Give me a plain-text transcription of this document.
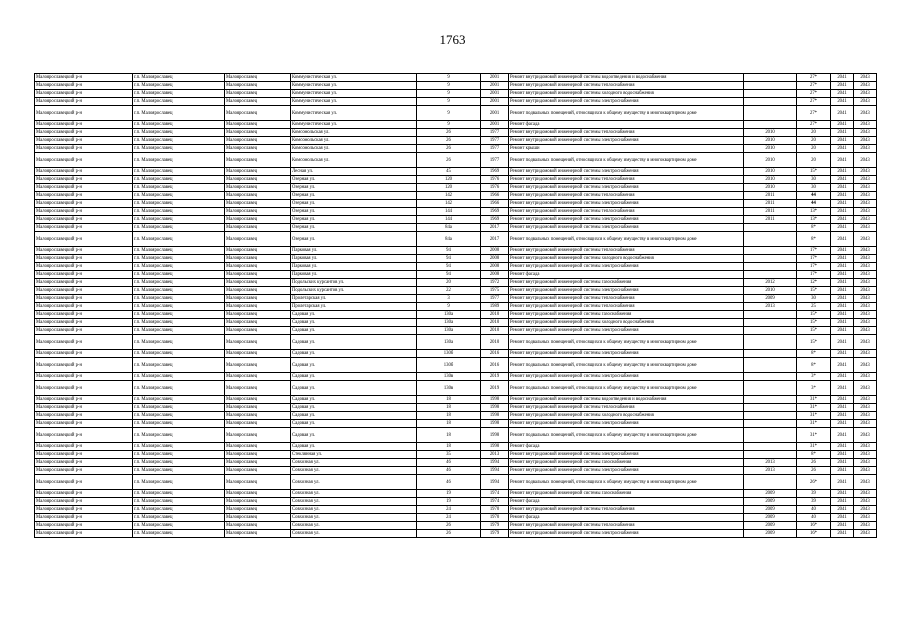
1763
Малоярославецкий р-н	г.п. Малоярославец	Малоярославец	Коммунистическая ул.	9	2001	Ремонт внутридомовой инженерной системы водоотведения и водоснабжения		27*	2041	2043
Малоярославецкий р-н	г.п. Малоярославец	Малоярославец	Коммунистическая ул.	9	2001	Ремонт внутридомовой инженерной системы теплоснабжения		27*	2041	2043
Малоярославецкий р-н	г.п. Малоярославец	Малоярославец	Коммунистическая ул.	9	2001	Ремонт внутридомовой инженерной системы холодного водоснабжения		27*	2041	2043
Малоярославецкий р-н	г.п. Малоярославец	Малоярославец	Коммунистическая ул.	9	2001	Ремонт внутридомовой инженерной системы электроснабжения		27*	2041	2043
Малоярославецкий р-н	г.п. Малоярославец	Малоярославец	Коммунистическая ул.	9	2001	Ремонт подвальных помещений, относящихся к общему имуществу в многоквартирном доме		27*	2041	2043
Малоярославецкий р-н	г.п. Малоярославец	Малоярославец	Коммунистическая ул.	9	2001	Ремонт фасада		27*	2041	2043
Малоярославецкий р-н	г.п. Малоярославец	Малоярославец	Комсомольская ул.	26	1977	Ремонт внутридомовой инженерной системы теплоснабжения	2010	20	2041	2043
Малоярославецкий р-н	г.п. Малоярославец	Малоярославец	Комсомольская ул.	26	1977	Ремонт внутридомовой инженерной системы электроснабжения	2010	20	2041	2043
Малоярославецкий р-н	г.п. Малоярославец	Малоярославец	Комсомольская ул.	26	1977	Ремонт крыши	2010	20	2041	2043
Малоярославецкий р-н	г.п. Малоярославец	Малоярославец	Комсомольская ул.	26	1977	Ремонт подвальных помещений, относящихся к общему имуществу в многоквартирном доме	2010	20	2041	2043
Малоярославецкий р-н	г.п. Малоярославец	Малоярославец	Лесная ул.	45	1969	Ремонт внутридомовой инженерной системы электроснабжения	2010	15*	2041	2043
Малоярославецкий р-н	г.п. Малоярославец	Малоярославец	Озерная ул.	120	1976	Ремонт внутридомовой инженерной системы теплоснабжения	2010	30	2041	2043
Малоярославецкий р-н	г.п. Малоярославец	Малоярославец	Озерная ул.	120	1976	Ремонт внутридомовой инженерной системы электроснабжения	2010	30	2041	2043
Малоярославецкий р-н	г.п. Малоярославец	Малоярославец	Озерная ул.	142	1966	Ремонт внутридомовой инженерной системы теплоснабжения	2011	44	2041	2043
Малоярославецкий р-н	г.п. Малоярославец	Малоярославец	Озерная ул.	142	1966	Ремонт внутридомовой инженерной системы электроснабжения	2011	44	2041	2043
Малоярославецкий р-н	г.п. Малоярославец	Малоярославец	Озерная ул.	144	1969	Ремонт внутридомовой инженерной системы теплоснабжения	2011	13*	2041	2043
Малоярославецкий р-н	г.п. Малоярославец	Малоярославец	Озерная ул.	144	1969	Ремонт внутридомовой инженерной системы электроснабжения	2011	13*	2041	2043
Малоярославецкий р-н	г.п. Малоярославец	Малоярославец	Озерная ул.	84а	2017	Ремонт внутридомовой инженерной системы электроснабжения		8*	2041	2043
Малоярославецкий р-н	г.п. Малоярославец	Малоярославец	Озерная ул.	84а	2017	Ремонт подвальных помещений, относящихся к общему имуществу в многоквартирном доме		8*	2041	2043
Малоярославецкий р-н	г.п. Малоярославец	Малоярославец	Парковая ул.	94	2008	Ремонт внутридомовой инженерной системы теплоснабжения		17*	2041	2043
Малоярославецкий р-н	г.п. Малоярославец	Малоярославец	Парковая ул.	94	2008	Ремонт внутридомовой инженерной системы холодного водоснабжения		17*	2041	2043
Малоярославецкий р-н	г.п. Малоярославец	Малоярославец	Парковая ул.	94	2008	Ремонт внутридомовой инженерной системы электроснабжения		17*	2041	2043
Малоярославецкий р-н	г.п. Малоярославец	Малоярославец	Парковая ул.	94	2008	Ремонт фасада		17*	2041	2043
Малоярославецкий р-н	г.п. Малоярославец	Малоярославец	Подольских курсантов ул.	20	1972	Ремонт внутридомовой инженерной системы газоснабжения	2012	12*	2041	2043
Малоярославецкий р-н	г.п. Малоярославец	Малоярославец	Подольских курсантов ул.	22	1975	Ремонт внутридомовой инженерной системы электроснабжения	2010	15*	2041	2043
Малоярославецкий р-н	г.п. Малоярославец	Малоярославец	Пролетарская ул.	3	1977	Ремонт внутридомовой инженерной системы теплоснабжения	2009	30	2041	2043
Малоярославецкий р-н	г.п. Малоярославец	Малоярославец	Пролетарская ул.	9	1989	Ремонт внутридомовой инженерной системы теплоснабжения	2013	25	2041	2043
Малоярославецкий р-н	г.п. Малоярославец	Малоярославец	Садовая ул.	130а	2010	Ремонт внутридомовой инженерной системы газоснабжения		15*	2041	2043
Малоярославецкий р-н	г.п. Малоярославец	Малоярославец	Садовая ул.	130а	2010	Ремонт внутридомовой инженерной системы холодного водоснабжения		15*	2041	2043
Малоярославецкий р-н	г.п. Малоярославец	Малоярославец	Садовая ул.	130а	2010	Ремонт внутридомовой инженерной системы электроснабжения		15*	2041	2043
Малоярославецкий р-н	г.п. Малоярославец	Малоярославец	Садовая ул.	130а	2010	Ремонт подвальных помещений, относящихся к общему имуществу в многоквартирном доме		15*	2041	2043
Малоярославецкий р-н	г.п. Малоярославец	Малоярославец	Садовая ул.	130б	2016	Ремонт внутридомовой инженерной системы электроснабжения		8*	2041	2043
Малоярославецкий р-н	г.п. Малоярославец	Малоярославец	Садовая ул.	130б	2016	Ремонт подвальных помещений, относящихся к общему имуществу в многоквартирном доме		8*	2041	2043
Малоярославецкий р-н	г.п. Малоярославец	Малоярославец	Садовая ул.	130в	2019	Ремонт внутридомовой инженерной системы электроснабжения		3*	2041	2043
Малоярославецкий р-н	г.п. Малоярославец	Малоярославец	Садовая ул.	130в	2019	Ремонт подвальных помещений, относящихся к общему имуществу в многоквартирном доме		3*	2041	2043
Малоярославецкий р-н	г.п. Малоярославец	Малоярославец	Садовая ул.	18	1998	Ремонт внутридомовой инженерной системы водоотведения и водоснабжения		31*	2041	2043
Малоярославецкий р-н	г.п. Малоярославец	Малоярославец	Садовая ул.	18	1998	Ремонт внутридомовой инженерной системы теплоснабжения		31*	2041	2043
Малоярославецкий р-н	г.п. Малоярославец	Малоярославец	Садовая ул.	18	1998	Ремонт внутридомовой инженерной системы холодного водоснабжения		31*	2041	2043
Малоярославецкий р-н	г.п. Малоярославец	Малоярославец	Садовая ул.	18	1998	Ремонт внутридомовой инженерной системы электроснабжения		31*	2041	2043
Малоярославецкий р-н	г.п. Малоярославец	Малоярославец	Садовая ул.	18	1998	Ремонт подвальных помещений, относящихся к общему имуществу в многоквартирном доме		31*	2041	2043
Малоярославецкий р-н	г.п. Малоярославец	Малоярославец	Садовая ул.	18	1998	Ремонт фасада		31*	2041	2043
Малоярославецкий р-н	г.п. Малоярославец	Малоярославец	Стеклянная ул.	35	2013	Ремонт внутридомовой инженерной системы электроснабжения		8*	2041	2043
Малоярославецкий р-н	г.п. Малоярославец	Малоярославец	Совхозная ул.	46	1994	Ремонт внутридомовой инженерной системы газоснабжения	2013	26	2041	2043
Малоярославецкий р-н	г.п. Малоярославец	Малоярославец	Совхозная ул.	46	1994	Ремонт внутридомовой инженерной системы электроснабжения	2013	26	2041	2043
Малоярославецкий р-н	г.п. Малоярославец	Малоярославец	Совхозная ул.	46	1994	Ремонт подвальных помещений, относящихся к общему имуществу в многоквартирном доме		26*	2041	2043
Малоярославецкий р-н	г.п. Малоярославец	Малоярославец	Совхозная ул.	19	1974	Ремонт внутридомовой инженерной системы газоснабжения	2009	39	2041	2043
Малоярославецкий р-н	г.п. Малоярославец	Малоярославец	Совхозная ул.	19	1974	Ремонт фасада	2009	39	2041	2043
Малоярославецкий р-н	г.п. Малоярославец	Малоярославец	Совхозная ул.	24	1970	Ремонт внутридомовой инженерной системы теплоснабжения	2009	40	2041	2043
Малоярославецкий р-н	г.п. Малоярославец	Малоярославец	Совхозная ул.	24	1970	Ремонт фасада	2009	40	2041	2043
Малоярославецкий р-н	г.п. Малоярославец	Малоярославец	Совхозная ул.	26	1979	Ремонт внутридомовой инженерной системы теплоснабжения	2009	16*	2041	2043
Малоярославецкий р-н	г.п. Малоярославец	Малоярославец	Совхозная ул.	26	1979	Ремонт внутридомовой инженерной системы электроснабжения	2009	16*	2041	2043
